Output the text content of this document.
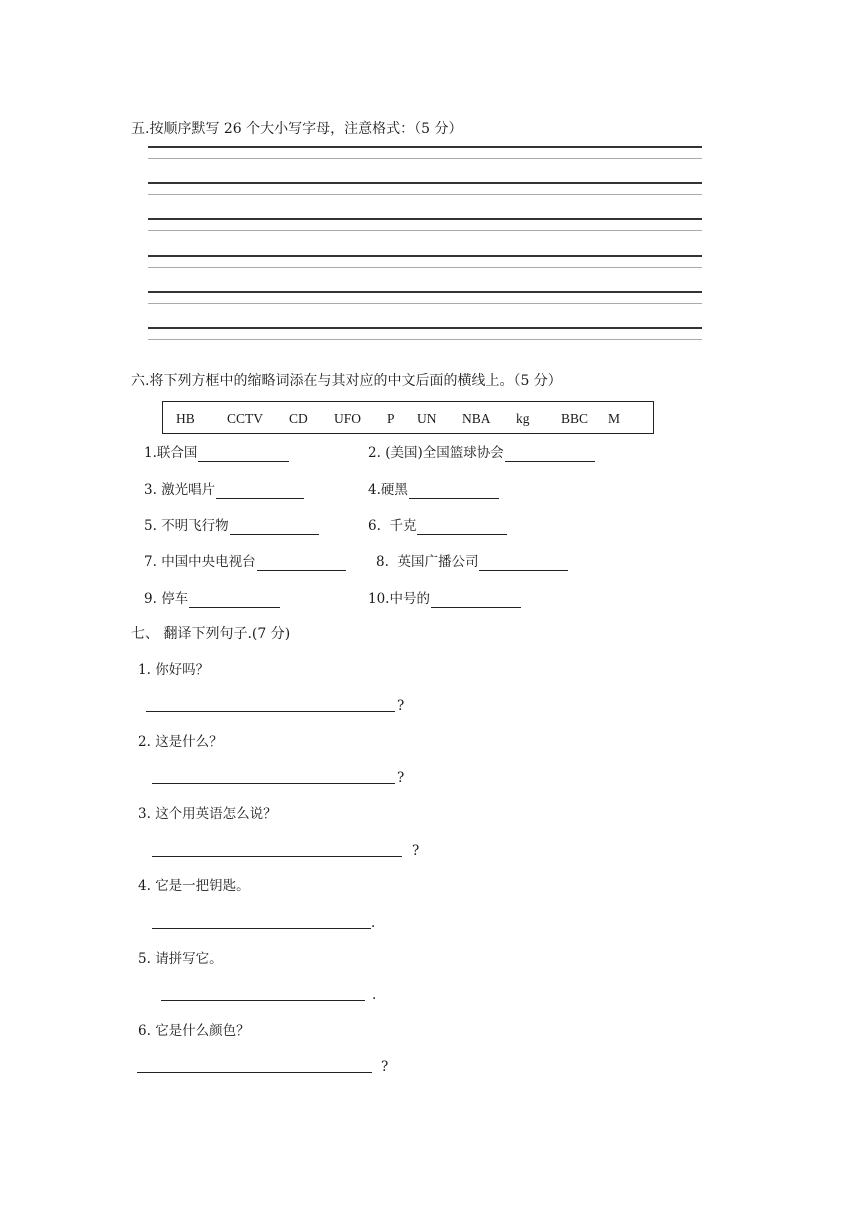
五.按顺序默写 26 个大小写字母，注意格式：（5 分）
六.将下列方框中的缩略词添在与其对应的中文后面的横线上。（5 分）
HB CCTV CD UFO P UN NBA kg BBC M
1.联合国
3. 激光唱片
5. 不明飞行物
7. 中国中央电视台
9. 停车
2. (美国)全国篮球协会
4.硬黑
6. 千克
8. 英国广播公司
10.中号的
七、 翻译下列句子.(7 分)
1. 你好吗？
?
2. 这是什么？
?
3. 这个用英语怎么说？
?
4. 它是一把钥匙。
.
5. 请拼写它。
.
6. 它是什么颜色？
?
